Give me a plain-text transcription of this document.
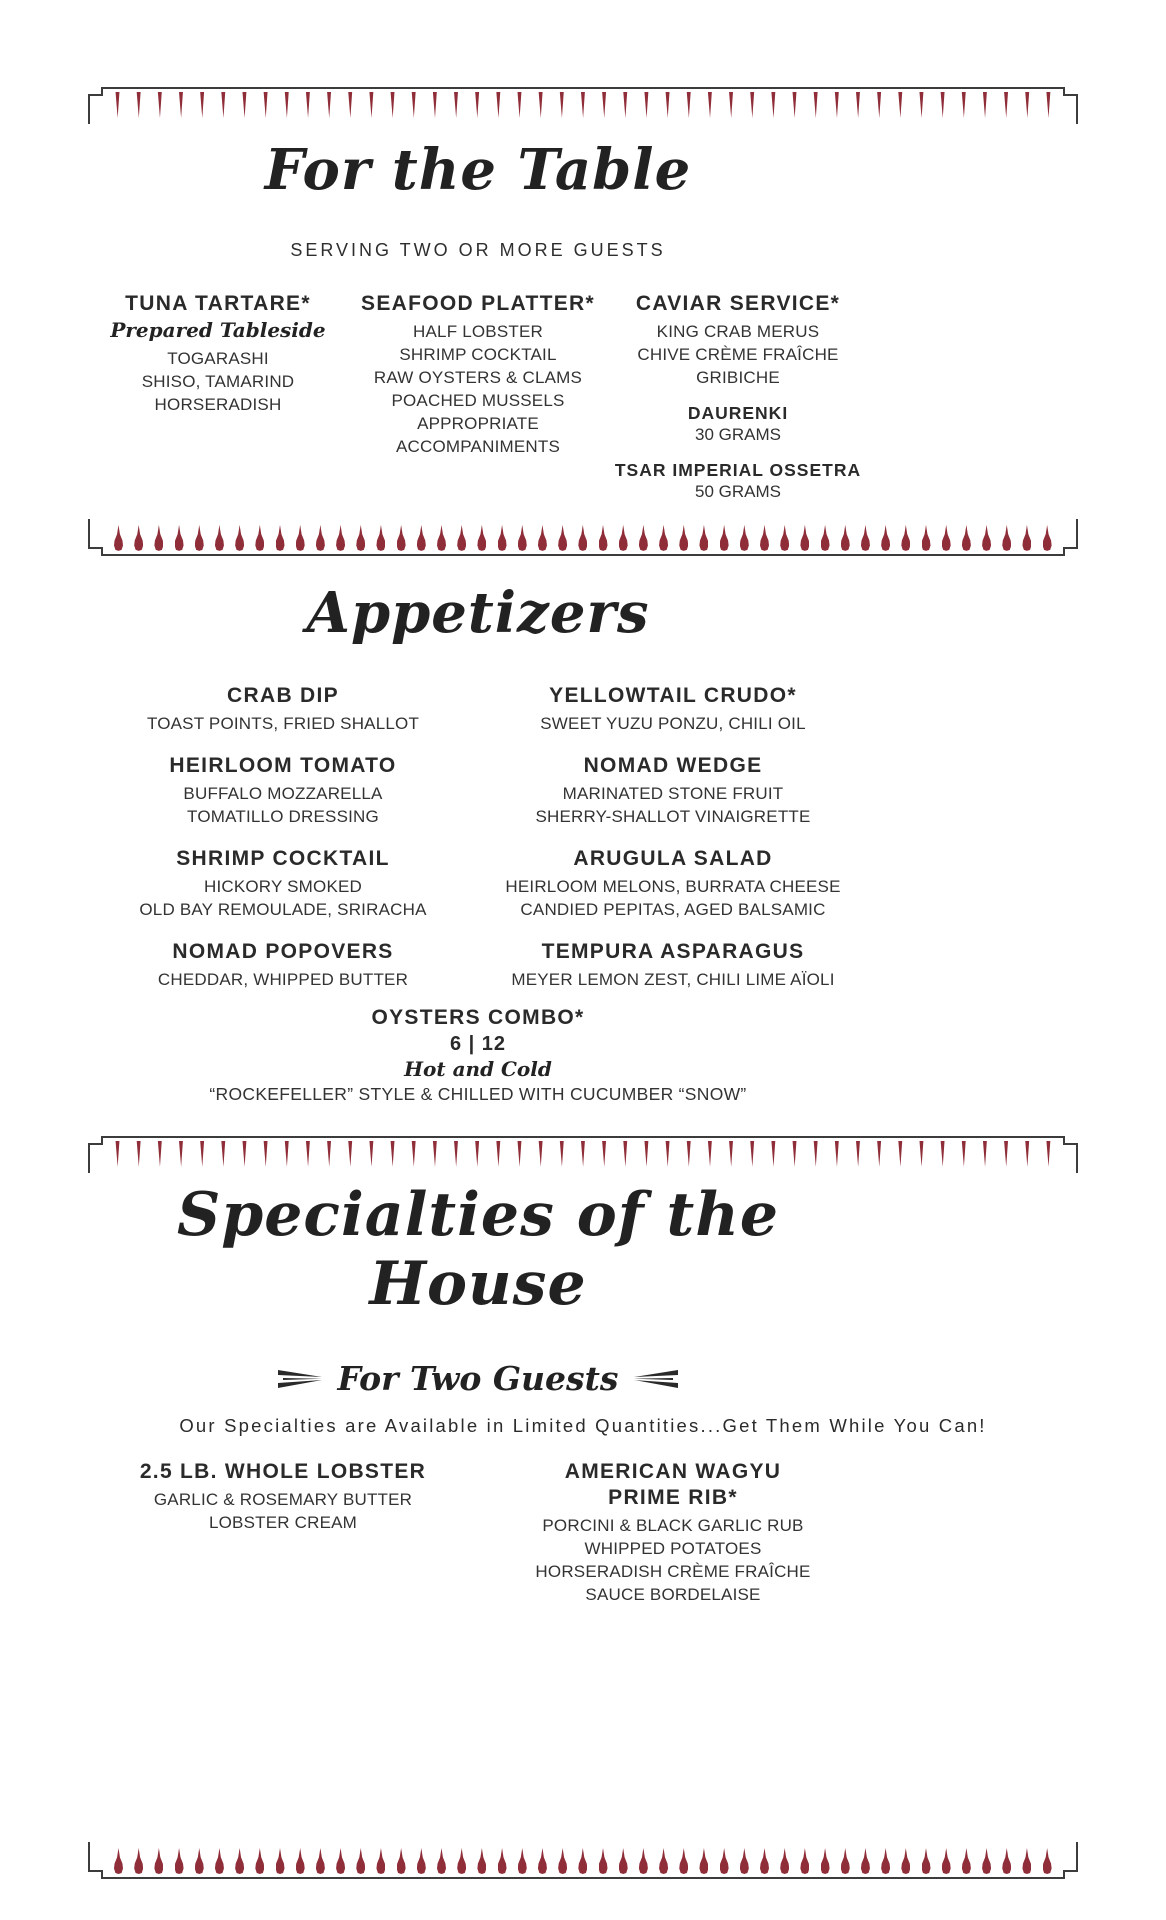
For the Table
SERVING TWO OR MORE GUESTS
TUNA TARTARE*
Prepared Tableside
TOGARASHI
SHISO, TAMARIND
HORSERADISH
SEAFOOD PLATTER*
HALF LOBSTER
SHRIMP COCKTAIL
RAW OYSTERS & CLAMS
POACHED MUSSELS
APPROPRIATE
ACCOMPANIMENTS
CAVIAR SERVICE*
KING CRAB MERUS
CHIVE CRÈME FRAÎCHE
GRIBICHE
DAURENKI
30 GRAMS
TSAR IMPERIAL OSSETRA
50 GRAMS
Appetizers
CRAB DIP
TOAST POINTS, FRIED SHALLOT
YELLOWTAIL CRUDO*
SWEET YUZU PONZU, CHILI OIL
HEIRLOOM TOMATO
BUFFALO MOZZARELLA
TOMATILLO DRESSING
NOMAD WEDGE
MARINATED STONE FRUIT
SHERRY-SHALLOT VINAIGRETTE
SHRIMP COCKTAIL
HICKORY SMOKED
OLD BAY REMOULADE, SRIRACHA
ARUGULA SALAD
HEIRLOOM MELONS, BURRATA CHEESE
CANDIED PEPITAS, AGED BALSAMIC
NOMAD POPOVERS
CHEDDAR, WHIPPED BUTTER
TEMPURA ASPARAGUS
MEYER LEMON ZEST, CHILI LIME AÏOLI
OYSTERS COMBO*
6 | 12
Hot and Cold
“ROCKEFELLER” STYLE & CHILLED WITH CUCUMBER “SNOW”
Specialties of the House
For Two Guests
Our Specialties are Available in Limited Quantities...Get Them While You Can!
2.5 LB. WHOLE LOBSTER
GARLIC & ROSEMARY BUTTER
LOBSTER CREAM
AMERICAN WAGYU PRIME RIB*
PORCINI & BLACK GARLIC RUB
WHIPPED POTATOES
HORSERADISH CRÈME FRAÎCHE
SAUCE BORDELAISE
